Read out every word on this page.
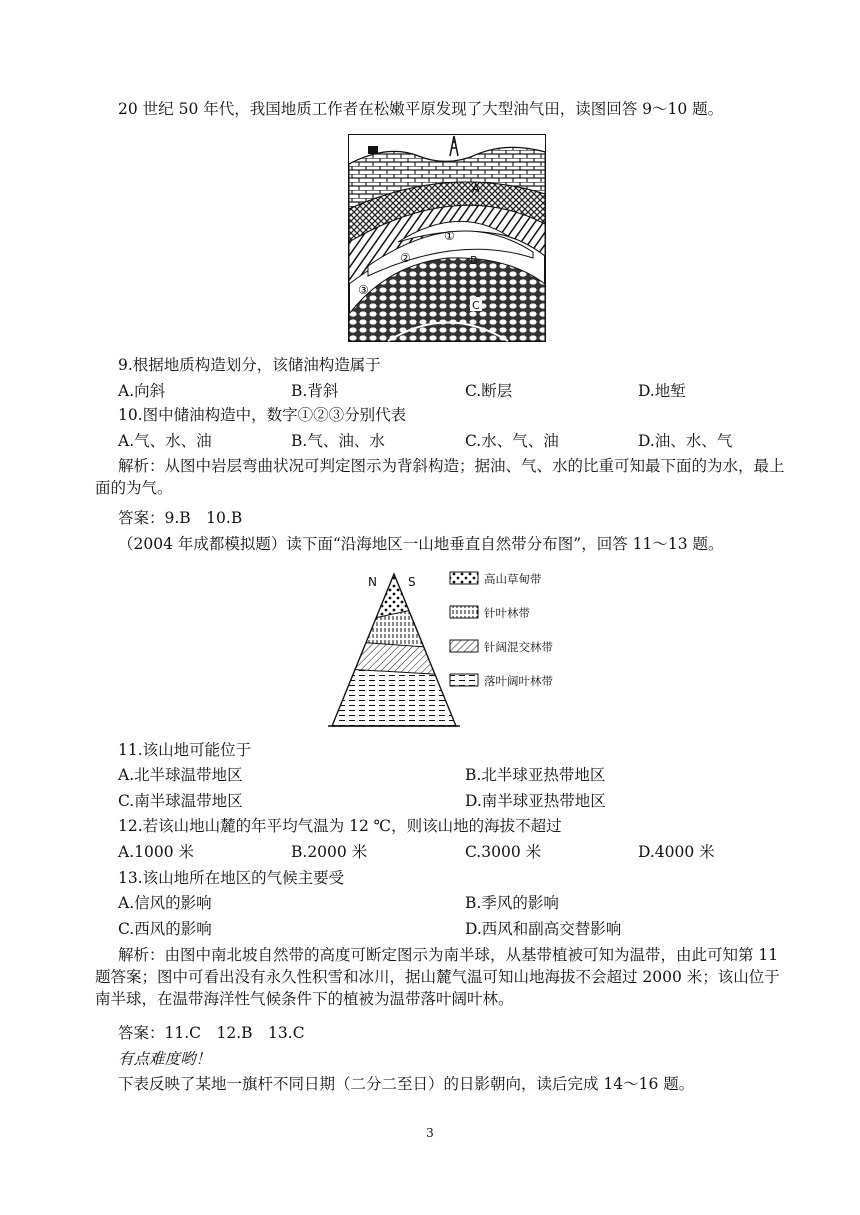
20 世纪 50 年代，我国地质工作者在松嫩平原发现了大型油气田，读图回答 9～10 题。
A
①
②	B
③
C
9.根据地质构造划分，该储油构造属于
A.向斜	B.背斜	C.断层	D.地堑
10.图中储油构造中，数字①②③分别代表
A.气、水、油	B.气、油、水	C.水、气、油	D.油、水、气
解析：从图中岩层弯曲状况可判定图示为背斜构造；据油、气、水的比重可知最下面的为水，最上面的为气。
答案：9.B　10.B
（2004 年成都模拟题）读下面“沿海地区一山地垂直自然带分布图”，回答 11～13 题。
N	S	高山草甸带
针叶林带
针阔混交林带
落叶阔叶林带
11.该山地可能位于
A.北半球温带地区	B.北半球亚热带地区
C.南半球温带地区	D.南半球亚热带地区
12.若该山地山麓的年平均气温为 12 ℃，则该山地的海拔不超过
A.1000 米	B.2000 米	C.3000 米	D.4000 米
13.该山地所在地区的气候主要受
A.信风的影响	B.季风的影响
C.西风的影响	D.西风和副高交替影响
解析：由图中南北坡自然带的高度可断定图示为南半球，从基带植被可知为温带，由此可知第 11 题答案；图中可看出没有永久性积雪和冰川，据山麓气温可知山地海拔不会超过 2000 米；该山位于南半球，在温带海洋性气候条件下的植被为温带落叶阔叶林。
答案：11.C　12.B　13.C
有点难度哟！
下表反映了某地一旗杆不同日期（二分二至日）的日影朝向，读后完成 14～16 题。
3
